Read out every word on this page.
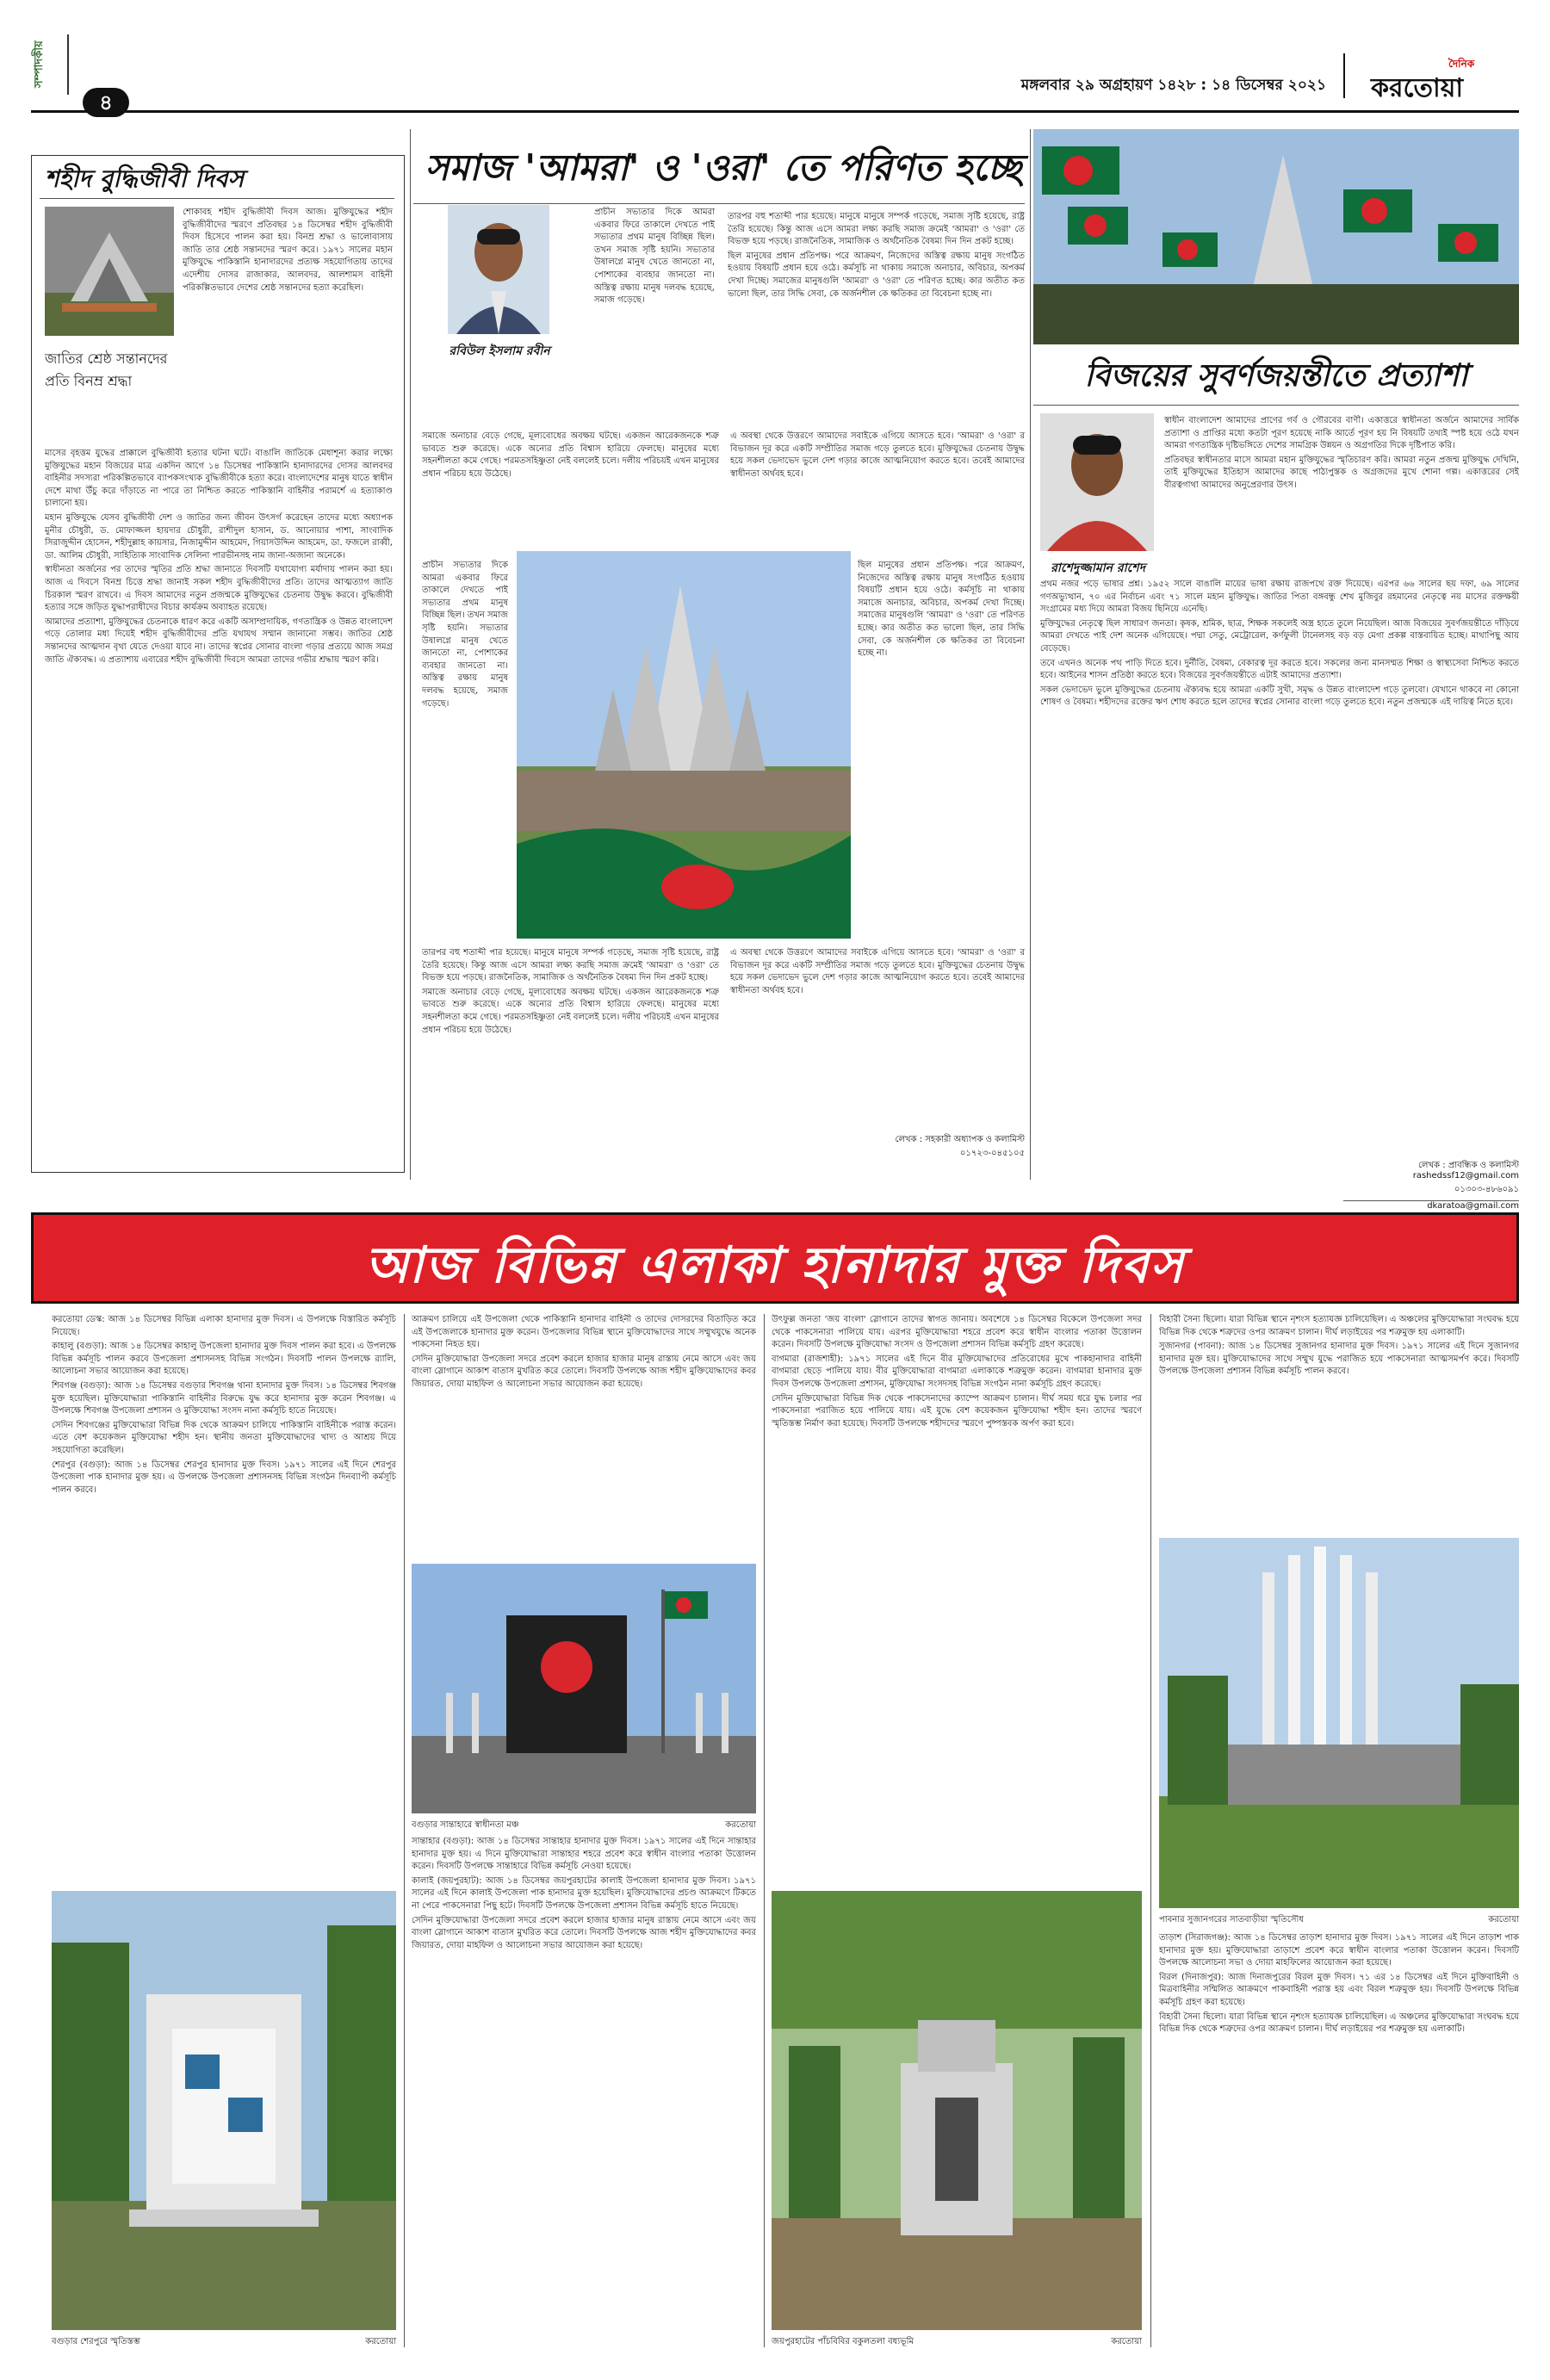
সম্পাদকীয়
৪
মঙ্গলবার ২৯ অগ্রহায়ণ ১৪২৮ : ১৪ ডিসেম্বর ২০২১
দৈনিক
করতোয়া
শহীদ বুদ্ধিজীবী দিবস
জাতির শ্রেষ্ঠ সন্তানদের প্রতি বিনম্র শ্রদ্ধা

শোকাবহ শহীদ বুদ্ধিজীবী দিবস আজ। মুক্তিযুদ্ধের শহীদ বুদ্ধিজীবীদের স্মরণে প্রতিবছর ১৪ ডিসেম্বর শহীদ বুদ্ধিজীবী দিবস হিসেবে পালন করা হয়। বিনম্র শ্রদ্ধা ও ভালোবাসায় জাতি তার শ্রেষ্ঠ সন্তানদের স্মরণ করে। ১৯৭১ সালের মহান মুক্তিযুদ্ধে পাকিস্তানি হানাদারদের প্রত্যক্ষ সহযোগিতায় তাদের এদেশীয় দোসর রাজাকার, আলবদর, আলশামস বাহিনী পরিকল্পিতভাবে দেশের শ্রেষ্ঠ সন্তানদের হত্যা করেছিল।

মাসের বৃহত্তম যুদ্ধের প্রাক্কালে বুদ্ধিজীবী হত্যার ঘটনা ঘটে। বাঙালি জাতিকে মেধাশূন্য করার লক্ষ্যে মুক্তিযুদ্ধের মহান বিজয়ের মাত্র একদিন আগে ১৪ ডিসেম্বর পাকিস্তানি হানাদারদের দোসর আলবদর বাহিনীর সদস্যরা পরিকল্পিতভাবে ব্যাপকসংখ্যক বুদ্ধিজীবীকে হত্যা করে। বাংলাদেশের মানুষ যাতে স্বাধীন দেশে মাথা উঁচু করে দাঁড়াতে না পারে তা নিশ্চিত করতে পাকিস্তানি বাহিনীর পরামর্শে এ হত্যাকাণ্ড চালানো হয়।

মহান মুক্তিযুদ্ধে যেসব বুদ্ধিজীবী দেশ ও জাতির জন্য জীবন উৎসর্গ করেছেন তাদের মধ্যে অধ্যাপক মুনীর চৌধুরী, ড. মোফাজ্জল হায়দার চৌধুরী, রাশীদুল হাসান, ড. আনোয়ার পাশা, সাংবাদিক সিরাজুদ্দীন হোসেন, শহীদুল্লাহ কায়সার, নিজামুদ্দীন আহমেদ, গিয়াসউদ্দিন আহমেদ, ডা. ফজলে রাব্বী, ডা. আলিম চৌধুরী, সাহিত্যিক সাংবাদিক সেলিনা পারভীনসহ নাম জানা-অজানা অনেকে।

স্বাধীনতা অর্জনের পর তাদের স্মৃতির প্রতি শ্রদ্ধা জানাতে দিবসটি যথাযোগ্য মর্যাদায় পালন করা হয়। আজ এ দিবসে বিনম্র চিত্তে শ্রদ্ধা জানাই সকল শহীদ বুদ্ধিজীবীদের প্রতি। তাদের আত্মত্যাগ জাতি চিরকাল স্মরণ রাখবে। এ দিবস আমাদের নতুন প্রজন্মকে মুক্তিযুদ্ধের চেতনায় উদ্বুদ্ধ করবে। বুদ্ধিজীবী হত্যার সঙ্গে জড়িত যুদ্ধাপরাধীদের বিচার কার্যক্রম অব্যাহত রয়েছে।

আমাদের প্রত্যাশা, মুক্তিযুদ্ধের চেতনাকে ধারণ করে একটি অসাম্প্রদায়িক, গণতান্ত্রিক ও উন্নত বাংলাদেশ গড়ে তোলার মধ্য দিয়েই শহীদ বুদ্ধিজীবীদের প্রতি যথাযথ সম্মান জানানো সম্ভব। জাতির শ্রেষ্ঠ সন্তানদের আত্মদান বৃথা যেতে দেওয়া যাবে না। তাদের স্বপ্নের সোনার বাংলা গড়ার প্রত্যয়ে আজ সমগ্র জাতি ঐক্যবদ্ধ। এ প্রত্যাশায় এবারের শহীদ বুদ্ধিজীবী দিবসে আমরা তাদের গভীর শ্রদ্ধায় স্মরণ করি।

সমাজ 'আমরা' ও 'ওরা' তে পরিণত হচ্ছে
রবিউল ইসলাম রবীন

প্রাচীন সভ্যতার দিকে আমরা একবার ফিরে তাকালে দেখতে পাই সভ্যতার প্রথম মানুষ বিচ্ছিন্ন ছিল। তখন সমাজ সৃষ্টি হয়নি। সভ্যতার উষালগ্নে মানুষ খেতে জানতো না, পোশাকের ব্যবহার জানতো না। অস্তিত্ব রক্ষায় মানুষ দলবদ্ধ হয়েছে, সমাজ গড়েছে।

তারপর বহু শতাব্দী পার হয়েছে। মানুষে মানুষে সম্পর্ক গড়েছে, সমাজ সৃষ্টি হয়েছে, রাষ্ট্র তৈরি হয়েছে। কিন্তু আজ এসে আমরা লক্ষ্য করছি সমাজ ক্রমেই 'আমরা' ও 'ওরা' তে বিভক্ত হয়ে পড়ছে। রাজনৈতিক, সামাজিক ও অর্থনৈতিক বৈষম্য দিন দিন প্রকট হচ্ছে।

ছিল মানুষের প্রধান প্রতিপক্ষ। পরে আক্রমণ, নিজেদের অস্তিত্ব রক্ষায় মানুষ সংগঠিত হওয়ায় বিষয়টি প্রধান হয়ে ওঠে। কর্মসূচি না থাকায় সমাজে অনাচার, অবিচার, অপকর্ম দেখা দিচ্ছে। সমাজের মানুষগুলি 'আমরা' ও 'ওরা' তে পরিণত হচ্ছে। কার অতীত কত ভালো ছিল, তার সিদ্ধি সেবা, কে অর্জনশীল কে ক্ষতিকর তা বিবেচনা হচ্ছে না।

সমাজে অনাচার বেড়ে গেছে, মূল্যবোধের অবক্ষয় ঘটছে। একজন আরেকজনকে শত্রু ভাবতে শুরু করেছে। একে অন্যের প্রতি বিশ্বাস হারিয়ে ফেলছে। মানুষের মধ্যে সহনশীলতা কমে গেছে। পরমতসহিষ্ণুতা নেই বললেই চলে। দলীয় পরিচয়ই এখন মানুষের প্রধান পরিচয় হয়ে উঠেছে।

এ অবস্থা থেকে উত্তরণে আমাদের সবাইকে এগিয়ে আসতে হবে। 'আমরা' ও 'ওরা' র বিভাজন দূর করে একটি সম্প্রীতির সমাজ গড়ে তুলতে হবে। মুক্তিযুদ্ধের চেতনায় উদ্বুদ্ধ হয়ে সকল ভেদাভেদ ভুলে দেশ গড়ার কাজে আত্মনিয়োগ করতে হবে। তবেই আমাদের স্বাধীনতা অর্থবহ হবে।

প্রাচীন সভ্যতার দিকে আমরা একবার ফিরে তাকালে দেখতে পাই সভ্যতার প্রথম মানুষ বিচ্ছিন্ন ছিল। তখন সমাজ সৃষ্টি হয়নি। সভ্যতার উষালগ্নে মানুষ খেতে জানতো না, পোশাকের ব্যবহার জানতো না। অস্তিত্ব রক্ষায় মানুষ দলবদ্ধ হয়েছে, সমাজ গড়েছে।

ছিল মানুষের প্রধান প্রতিপক্ষ। পরে আক্রমণ, নিজেদের অস্তিত্ব রক্ষায় মানুষ সংগঠিত হওয়ায় বিষয়টি প্রধান হয়ে ওঠে। কর্মসূচি না থাকায় সমাজে অনাচার, অবিচার, অপকর্ম দেখা দিচ্ছে। সমাজের মানুষগুলি 'আমরা' ও 'ওরা' তে পরিণত হচ্ছে। কার অতীত কত ভালো ছিল, তার সিদ্ধি সেবা, কে অর্জনশীল কে ক্ষতিকর তা বিবেচনা হচ্ছে না।

তারপর বহু শতাব্দী পার হয়েছে। মানুষে মানুষে সম্পর্ক গড়েছে, সমাজ সৃষ্টি হয়েছে, রাষ্ট্র তৈরি হয়েছে। কিন্তু আজ এসে আমরা লক্ষ্য করছি সমাজ ক্রমেই 'আমরা' ও 'ওরা' তে বিভক্ত হয়ে পড়ছে। রাজনৈতিক, সামাজিক ও অর্থনৈতিক বৈষম্য দিন দিন প্রকট হচ্ছে।

সমাজে অনাচার বেড়ে গেছে, মূল্যবোধের অবক্ষয় ঘটছে। একজন আরেকজনকে শত্রু ভাবতে শুরু করেছে। একে অন্যের প্রতি বিশ্বাস হারিয়ে ফেলছে। মানুষের মধ্যে সহনশীলতা কমে গেছে। পরমতসহিষ্ণুতা নেই বললেই চলে। দলীয় পরিচয়ই এখন মানুষের প্রধান পরিচয় হয়ে উঠেছে।

এ অবস্থা থেকে উত্তরণে আমাদের সবাইকে এগিয়ে আসতে হবে। 'আমরা' ও 'ওরা' র বিভাজন দূর করে একটি সম্প্রীতির সমাজ গড়ে তুলতে হবে। মুক্তিযুদ্ধের চেতনায় উদ্বুদ্ধ হয়ে সকল ভেদাভেদ ভুলে দেশ গড়ার কাজে আত্মনিয়োগ করতে হবে। তবেই আমাদের স্বাধীনতা অর্থবহ হবে।

লেখক : সহকারী অধ্যাপক ও কলামিস্ট
০১৭২৩-০৪৫১০৫
বিজয়ের সুবর্ণজয়ন্তীতে প্রত্যাশা
রাশেদুজ্জামান রাশেদ

স্বাধীন বাংলাদেশ আমাদের প্রাণের গর্ব ও গৌরবের বাণী। একাত্তরে স্বাধীনতা অর্জনে আমাদের সার্বিক প্রত্যাশা ও প্রাপ্তির মধ্যে কতটা পূরণ হয়েছে নাকি আর্তে পূরণ হয় নি বিষয়টি তথ্যই স্পষ্ট হয়ে ওঠে যখন আমরা গণতান্ত্রিক দৃষ্টিভঙ্গিতে দেশের সামগ্রিক উন্নয়ন ও অগ্রগতির দিকে দৃষ্টিপাত করি।

প্রতিবছর স্বাধীনতার মাসে আমরা মহান মুক্তিযুদ্ধের স্মৃতিচারণ করি। আমরা নতুন প্রজন্ম মুক্তিযুদ্ধ দেখিনি, তাই মুক্তিযুদ্ধের ইতিহাস আমাদের কাছে পাঠ্যপুস্তক ও অগ্রজদের মুখে শোনা গল্প। একাত্তরের সেই বীরত্বগাথা আমাদের অনুপ্রেরণার উৎস।

প্রথম নজর পড়ে ভাষার প্রশ্ন। ১৯৫২ সালে বাঙালি মায়ের ভাষা রক্ষায় রাজপথে রক্ত দিয়েছে। এরপর ৬৬ সালের ছয় দফা, ৬৯ সালের গণঅভ্যুত্থান, ৭০ এর নির্বাচন এবং ৭১ সালে মহান মুক্তিযুদ্ধ। জাতির পিতা বঙ্গবন্ধু শেখ মুজিবুর রহমানের নেতৃত্বে নয় মাসের রক্তক্ষয়ী সংগ্রামের মধ্য দিয়ে আমরা বিজয় ছিনিয়ে এনেছি।

মুক্তিযুদ্ধের নেতৃত্বে ছিল সাধারণ জনতা। কৃষক, শ্রমিক, ছাত্র, শিক্ষক সকলেই অস্ত্র হাতে তুলে নিয়েছিল। আজ বিজয়ের সুবর্ণজয়ন্তীতে দাঁড়িয়ে আমরা দেখতে পাই দেশ অনেক এগিয়েছে। পদ্মা সেতু, মেট্রোরেল, কর্ণফুলী টানেলসহ বড় বড় মেগা প্রকল্প বাস্তবায়িত হচ্ছে। মাথাপিছু আয় বেড়েছে।

তবে এখনও অনেক পথ পাড়ি দিতে হবে। দুর্নীতি, বৈষম্য, বেকারত্ব দূর করতে হবে। সকলের জন্য মানসম্মত শিক্ষা ও স্বাস্থ্যসেবা নিশ্চিত করতে হবে। আইনের শাসন প্রতিষ্ঠা করতে হবে। বিজয়ের সুবর্ণজয়ন্তীতে এটাই আমাদের প্রত্যাশা।

সকল ভেদাভেদ ভুলে মুক্তিযুদ্ধের চেতনায় ঐক্যবদ্ধ হয়ে আমরা একটি সুখী, সমৃদ্ধ ও উন্নত বাংলাদেশ গড়ে তুলবো। যেখানে থাকবে না কোনো শোষণ ও বৈষম্য। শহীদদের রক্তের ঋণ শোধ করতে হলে তাদের স্বপ্নের সোনার বাংলা গড়ে তুলতে হবে। নতুন প্রজন্মকে এই দায়িত্ব নিতে হবে।

লেখক : প্রাবন্ধিক ও কলামিস্ট
rashedssf12@gmail.com
০১৩০৩-৪৮৬০৯১
dkaratoa@gmail.com
আজ বিভিন্ন এলাকা হানাদার মুক্ত দিবস

করতোয়া ডেস্ক: আজ ১৪ ডিসেম্বর বিভিন্ন এলাকা হানাদার মুক্ত দিবস। এ উপলক্ষে বিস্তারিত কর্মসূচি নিয়েছে।

কাহালু (বগুড়া): আজ ১৪ ডিসেম্বর কাহালু উপজেলা হানাদার মুক্ত দিবস পালন করা হবে। এ উপলক্ষে বিভিন্ন কর্মসূচি পালন করবে উপজেলা প্রশাসনসহ বিভিন্ন সংগঠন। দিবসটি পালন উপলক্ষে র‌্যালি, আলোচনা সভার আয়োজন করা হয়েছে।

শিবগঞ্জ (বগুড়া): আজ ১৪ ডিসেম্বর বগুড়ার শিবগঞ্জ থানা হানাদার মুক্ত দিবস। ১৪ ডিসেম্বর শিবগঞ্জ মুক্ত হয়েছিল। মুক্তিযোদ্ধারা পাকিস্তানি বাহিনীর বিরুদ্ধে যুদ্ধ করে হানাদার মুক্ত করেন শিবগঞ্জ। এ উপলক্ষে শিবগঞ্জ উপজেলা প্রশাসন ও মুক্তিযোদ্ধা সংসদ নানা কর্মসূচি হাতে নিয়েছে।

সেদিন শিবগঞ্জের মুক্তিযোদ্ধারা বিভিন্ন দিক থেকে আক্রমণ চালিয়ে পাকিস্তানি বাহিনীকে পরাস্ত করেন। এতে বেশ কয়েকজন মুক্তিযোদ্ধা শহীদ হন। স্থানীয় জনতা মুক্তিযোদ্ধাদের খাদ্য ও আশ্রয় দিয়ে সহযোগিতা করেছিল।

শেরপুর (বগুড়া): আজ ১৪ ডিসেম্বর শেরপুর হানাদার মুক্ত দিবস। ১৯৭১ সালের এই দিনে শেরপুর উপজেলা পাক হানাদার মুক্ত হয়। এ উপলক্ষে উপজেলা প্রশাসনসহ বিভিন্ন সংগঠন দিনব্যাপী কর্মসূচি পালন করবে।

বগুড়ার শেরপুরে স্মৃতিস্তম্ভ	করতোয়া

আক্রমণ চালিয়ে এই উপজেলা থেকে পাকিস্তানি হানাদার বাহিনী ও তাদের দোসরদের বিতাড়িত করে এই উপজেলাকে হানাদার মুক্ত করেন। উপজেলার বিভিন্ন স্থানে মুক্তিযোদ্ধাদের সাথে সম্মুখযুদ্ধে অনেক পাকসেনা নিহত হয়।

সেদিন মুক্তিযোদ্ধারা উপজেলা সদরে প্রবেশ করলে হাজার হাজার মানুষ রাস্তায় নেমে আসে এবং জয় বাংলা স্লোগানে আকাশ বাতাস মুখরিত করে তোলে। দিবসটি উপলক্ষে আজ শহীদ মুক্তিযোদ্ধাদের কবর জিয়ারত, দোয়া মাহফিল ও আলোচনা সভার আয়োজন করা হয়েছে।

বগুড়ার সান্তাহারে স্বাধীনতা মঞ্চ	করতোয়া

সান্তাহার (বগুড়া): আজ ১৪ ডিসেম্বর সান্তাহার হানাদার মুক্ত দিবস। ১৯৭১ সালের এই দিনে সান্তাহার হানাদার মুক্ত হয়। এ দিনে মুক্তিযোদ্ধারা সান্তাহার শহরে প্রবেশ করে স্বাধীন বাংলার পতাকা উত্তোলন করেন। দিবসটি উপলক্ষে সান্তাহারে বিভিন্ন কর্মসূচি নেওয়া হয়েছে।

কালাই (জয়পুরহাট): আজ ১৪ ডিসেম্বর জয়পুরহাটের কালাই উপজেলা হানাদার মুক্ত দিবস। ১৯৭১ সালের এই দিনে কালাই উপজেলা পাক হানাদার মুক্ত হয়েছিল। মুক্তিযোদ্ধাদের প্রচণ্ড আক্রমণে টিকতে না পেরে পাকসেনারা পিছু হটে। দিবসটি উপলক্ষে উপজেলা প্রশাসন বিভিন্ন কর্মসূচি হাতে নিয়েছে।

সেদিন মুক্তিযোদ্ধারা উপজেলা সদরে প্রবেশ করলে হাজার হাজার মানুষ রাস্তায় নেমে আসে এবং জয় বাংলা স্লোগানে আকাশ বাতাস মুখরিত করে তোলে। দিবসটি উপলক্ষে আজ শহীদ মুক্তিযোদ্ধাদের কবর জিয়ারত, দোয়া মাহফিল ও আলোচনা সভার আয়োজন করা হয়েছে।

উৎফুল্ল জনতা 'জয় বাংলা' স্লোগানে তাদের স্বাগত জানায়। অবশেষে ১৪ ডিসেম্বর বিকেলে উপজেলা সদর থেকে পাকসেনারা পালিয়ে যায়। এরপর মুক্তিযোদ্ধারা শহরে প্রবেশ করে স্বাধীন বাংলার পতাকা উত্তোলন করেন। দিবসটি উপলক্ষে মুক্তিযোদ্ধা সংসদ ও উপজেলা প্রশাসন বিভিন্ন কর্মসূচি গ্রহণ করেছে।

বাগমারা (রাজশাহী): ১৯৭১ সালের এই দিনে বীর মুক্তিযোদ্ধাদের প্রতিরোধের মুখে পাকহানাদার বাহিনী বাগমারা ছেড়ে পালিয়ে যায়। বীর মুক্তিযোদ্ধারা বাগমারা এলাকাকে শত্রুমুক্ত করেন। বাগমারা হানাদার মুক্ত দিবস উপলক্ষে উপজেলা প্রশাসন, মুক্তিযোদ্ধা সংসদসহ বিভিন্ন সংগঠন নানা কর্মসূচি গ্রহণ করেছে।

সেদিন মুক্তিযোদ্ধারা বিভিন্ন দিক থেকে পাকসেনাদের ক্যাম্পে আক্রমণ চালান। দীর্ঘ সময় ধরে যুদ্ধ চলার পর পাকসেনারা পরাজিত হয়ে পালিয়ে যায়। এই যুদ্ধে বেশ কয়েকজন মুক্তিযোদ্ধা শহীদ হন। তাদের স্মরণে স্মৃতিস্তম্ভ নির্মাণ করা হয়েছে। দিবসটি উপলক্ষে শহীদদের স্মরণে পুষ্পস্তবক অর্পণ করা হবে।

জয়পুরহাটের পাঁচবিবির বকুলতলা বধ্যভূমি	করতোয়া

বিহারী সৈন্য ছিলো। যারা বিভিন্ন স্থানে নৃশংস হত্যাযজ্ঞ চালিয়েছিল। এ অঞ্চলের মুক্তিযোদ্ধারা সংঘবদ্ধ হয়ে বিভিন্ন দিক থেকে শত্রুদের ওপর আক্রমণ চালান। দীর্ঘ লড়াইয়ের পর শত্রুমুক্ত হয় এলাকাটি।

সুজানগর (পাবনা): আজ ১৪ ডিসেম্বর সুজানগর হানাদার মুক্ত দিবস। ১৯৭১ সালের এই দিনে সুজানগর হানাদার মুক্ত হয়। মুক্তিযোদ্ধাদের সাথে সম্মুখ যুদ্ধে পরাজিত হয়ে পাকসেনারা আত্মসমর্পণ করে। দিবসটি উপলক্ষে উপজেলা প্রশাসন বিভিন্ন কর্মসূচি পালন করবে।

পাবনার সুজানগরের সাতবাড়ীয়া স্মৃতিসৌধ	করতোয়া

তাড়াশ (সিরাজগঞ্জ): আজ ১৪ ডিসেম্বর তাড়াশ হানাদার মুক্ত দিবস। ১৯৭১ সালের এই দিনে তাড়াশ পাক হানাদার মুক্ত হয়। মুক্তিযোদ্ধারা তাড়াশে প্রবেশ করে স্বাধীন বাংলার পতাকা উত্তোলন করেন। দিবসটি উপলক্ষে আলোচনা সভা ও দোয়া মাহফিলের আয়োজন করা হয়েছে।

বিরল (দিনাজপুর): আজ দিনাজপুরের বিরল মুক্ত দিবস। ৭১ এর ১৪ ডিসেম্বর এই দিনে মুক্তিবাহিনী ও মিত্রবাহিনীর সম্মিলিত আক্রমণে পাকবাহিনী পরাস্ত হয় এবং বিরল শত্রুমুক্ত হয়। দিবসটি উপলক্ষে বিভিন্ন কর্মসূচি গ্রহণ করা হয়েছে।

বিহারী সৈন্য ছিলো। যারা বিভিন্ন স্থানে নৃশংস হত্যাযজ্ঞ চালিয়েছিল। এ অঞ্চলের মুক্তিযোদ্ধারা সংঘবদ্ধ হয়ে বিভিন্ন দিক থেকে শত্রুদের ওপর আক্রমণ চালান। দীর্ঘ লড়াইয়ের পর শত্রুমুক্ত হয় এলাকাটি।
